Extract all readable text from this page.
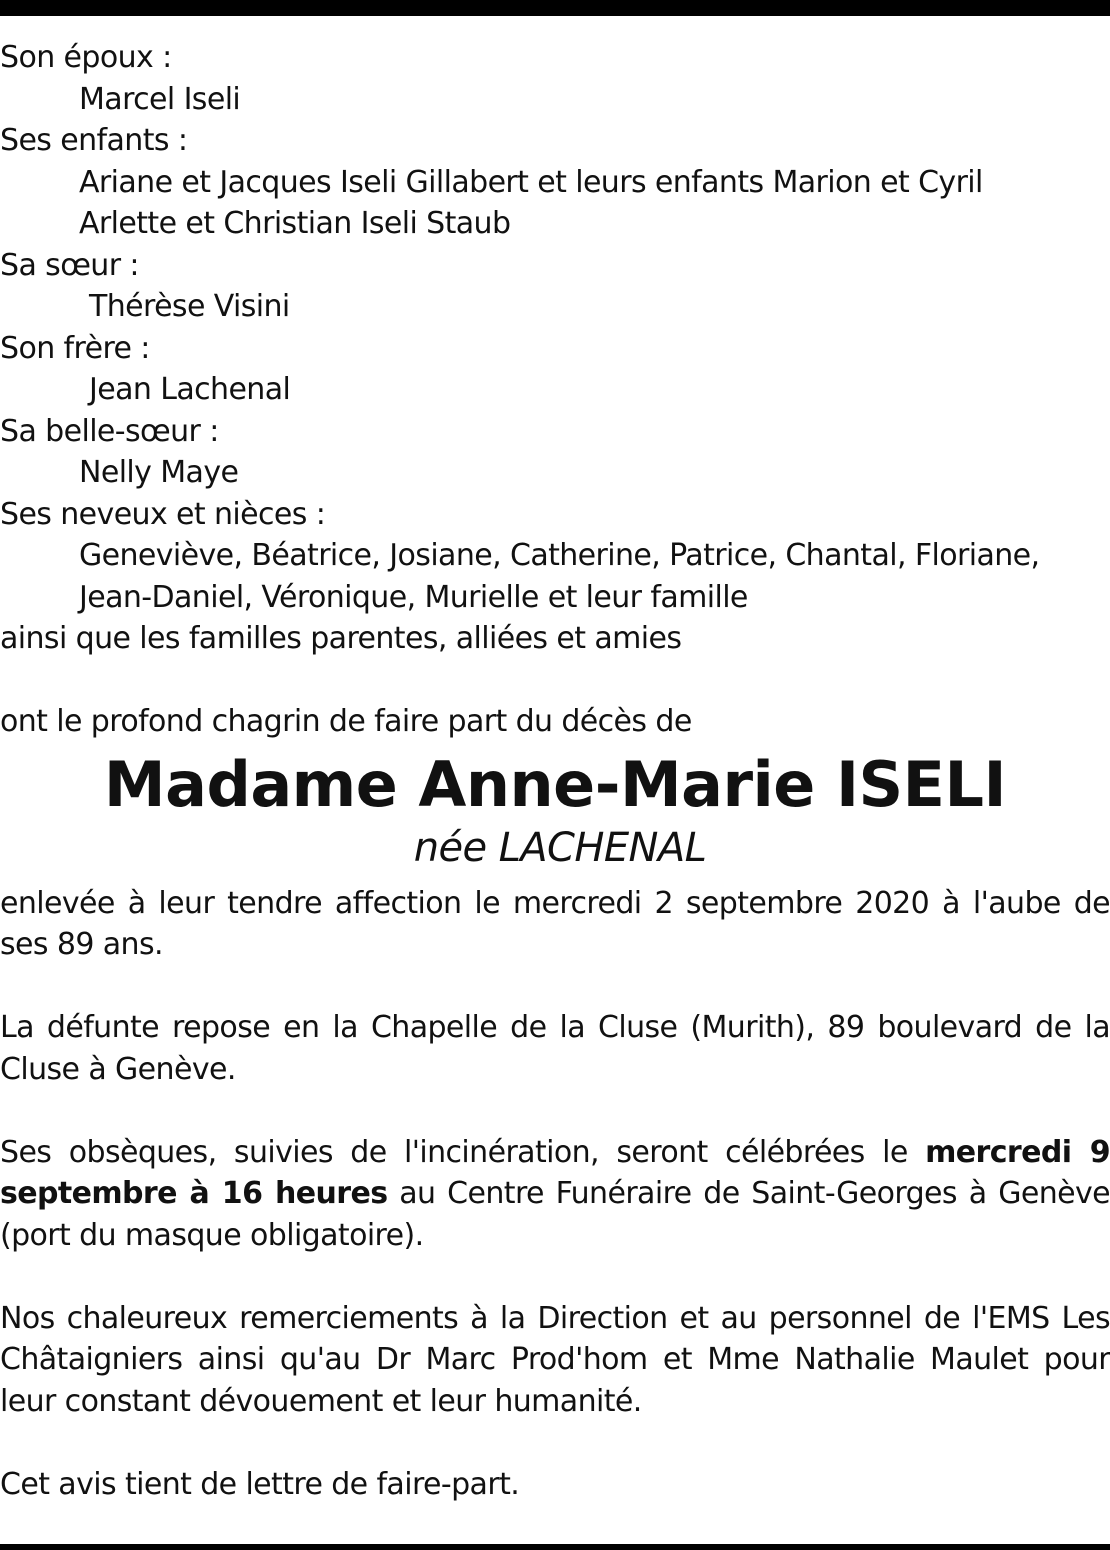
Son époux :

Marcel Iseli

Ses enfants :

Ariane et Jacques Iseli Gillabert et leurs enfants Marion et Cyril

Arlette et Christian Iseli Staub

Sa sœur :

Thérèse Visini

Son frère :

Jean Lachenal

Sa belle-sœur :

Nelly Maye

Ses neveux et nièces :

Geneviève, Béatrice, Josiane, Catherine, Patrice, Chantal, Floriane,

Jean-Daniel, Véronique, Murielle et leur famille

ainsi que les familles parentes, alliées et amies

ont le profond chagrin de faire part du décès de

Madame Anne-Marie ISELI

née LACHENAL

enlevée à leur tendre affection le mercredi 2 septembre 2020 à l'aube de ses 89 ans.

La défunte repose en la Chapelle de la Cluse (Murith), 89 boulevard de la Cluse à Genève.

Ses obsèques, suivies de l'incinération, seront célébrées le mercredi 9 septembre à 16 heures au Centre Funéraire de Saint-Georges à Genève (port du masque obligatoire).

Nos chaleureux remerciements à la Direction et au personnel de l'EMS Les Châtaigniers ainsi qu'au Dr Marc Prod'hom et Mme Nathalie Maulet pour leur constant dévouement et leur humanité.

Cet avis tient de lettre de faire-part.
